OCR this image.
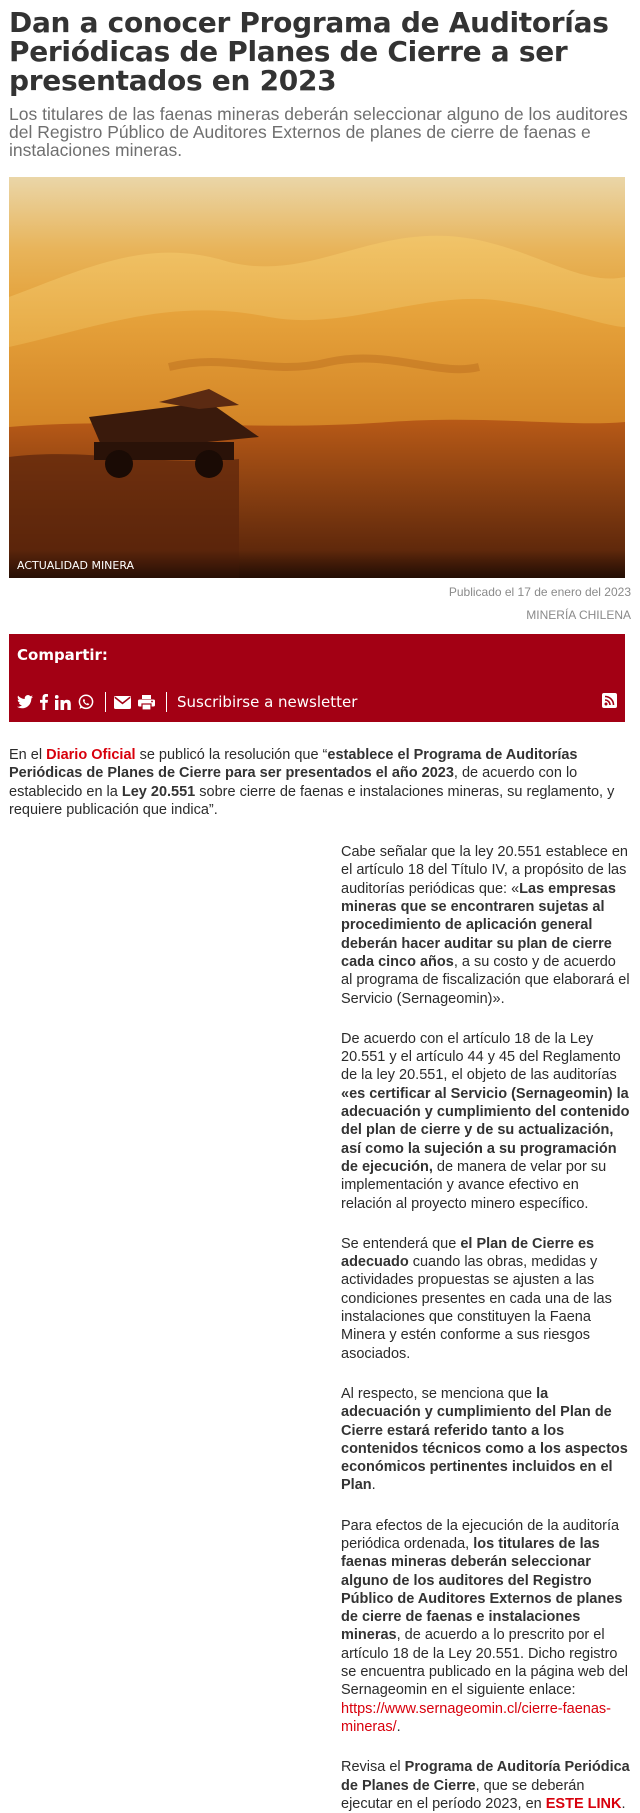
Dan a conocer Programa de Auditorías Periódicas de Planes de Cierre a ser presentados en 2023

Los titulares de las faenas mineras deberán seleccionar alguno de los auditores del Registro Público de Auditores Externos de planes de cierre de faenas e instalaciones mineras.

ACTUALIDAD MINERA
Publicado el 17 de enero del 2023
MINERÍA CHILENA
Compartir:
Suscribirse a newsletter

En el Diario Oficial se publicó la resolución que “establece el Programa de Auditorías Periódicas de Planes de Cierre para ser presentados el año 2023, de acuerdo con lo establecido en la Ley 20.551 sobre cierre de faenas e instalaciones mineras, su reglamento, y requiere publicación que indica”.

Cabe señalar que la ley 20.551 establece en el artículo 18 del Título IV, a propósito de las auditorías periódicas que: «Las empresas mineras que se encontraren sujetas al procedimiento de aplicación general deberán hacer auditar su plan de cierre cada cinco años, a su costo y de acuerdo al programa de fiscalización que elaborará el Servicio (Sernageomin)».

De acuerdo con el artículo 18 de la Ley 20.551 y el artículo 44 y 45 del Reglamento de la ley 20.551, el objeto de las auditorías «es certificar al Servicio (Sernageomin) la adecuación y cumplimiento del contenido del plan de cierre y de su actualización, así como la sujeción a su programación de ejecución, de manera de velar por su implementación y avance efectivo en relación al proyecto minero específico.

Se entenderá que el Plan de Cierre es adecuado cuando las obras, medidas y actividades propuestas se ajusten a las condiciones presentes en cada una de las instalaciones que constituyen la Faena Minera y estén conforme a sus riesgos asociados.

Al respecto, se menciona que la adecuación y cumplimiento del Plan de Cierre estará referido tanto a los contenidos técnicos como a los aspectos económicos pertinentes incluidos en el Plan.

Para efectos de la ejecución de la auditoría periódica ordenada, los titulares de las faenas mineras deberán seleccionar alguno de los auditores del Registro Público de Auditores Externos de planes de cierre de faenas e instalaciones mineras, de acuerdo a lo prescrito por el artículo 18 de la Ley 20.551. Dicho registro se encuentra publicado en la página web del Sernageomin en el siguiente enlace: https://www.sernageomin.cl/cierre-faenas-mineras/.

Revisa el Programa de Auditoría Periódica de Planes de Cierre, que se deberán ejecutar en el período 2023, en ESTE LINK.
